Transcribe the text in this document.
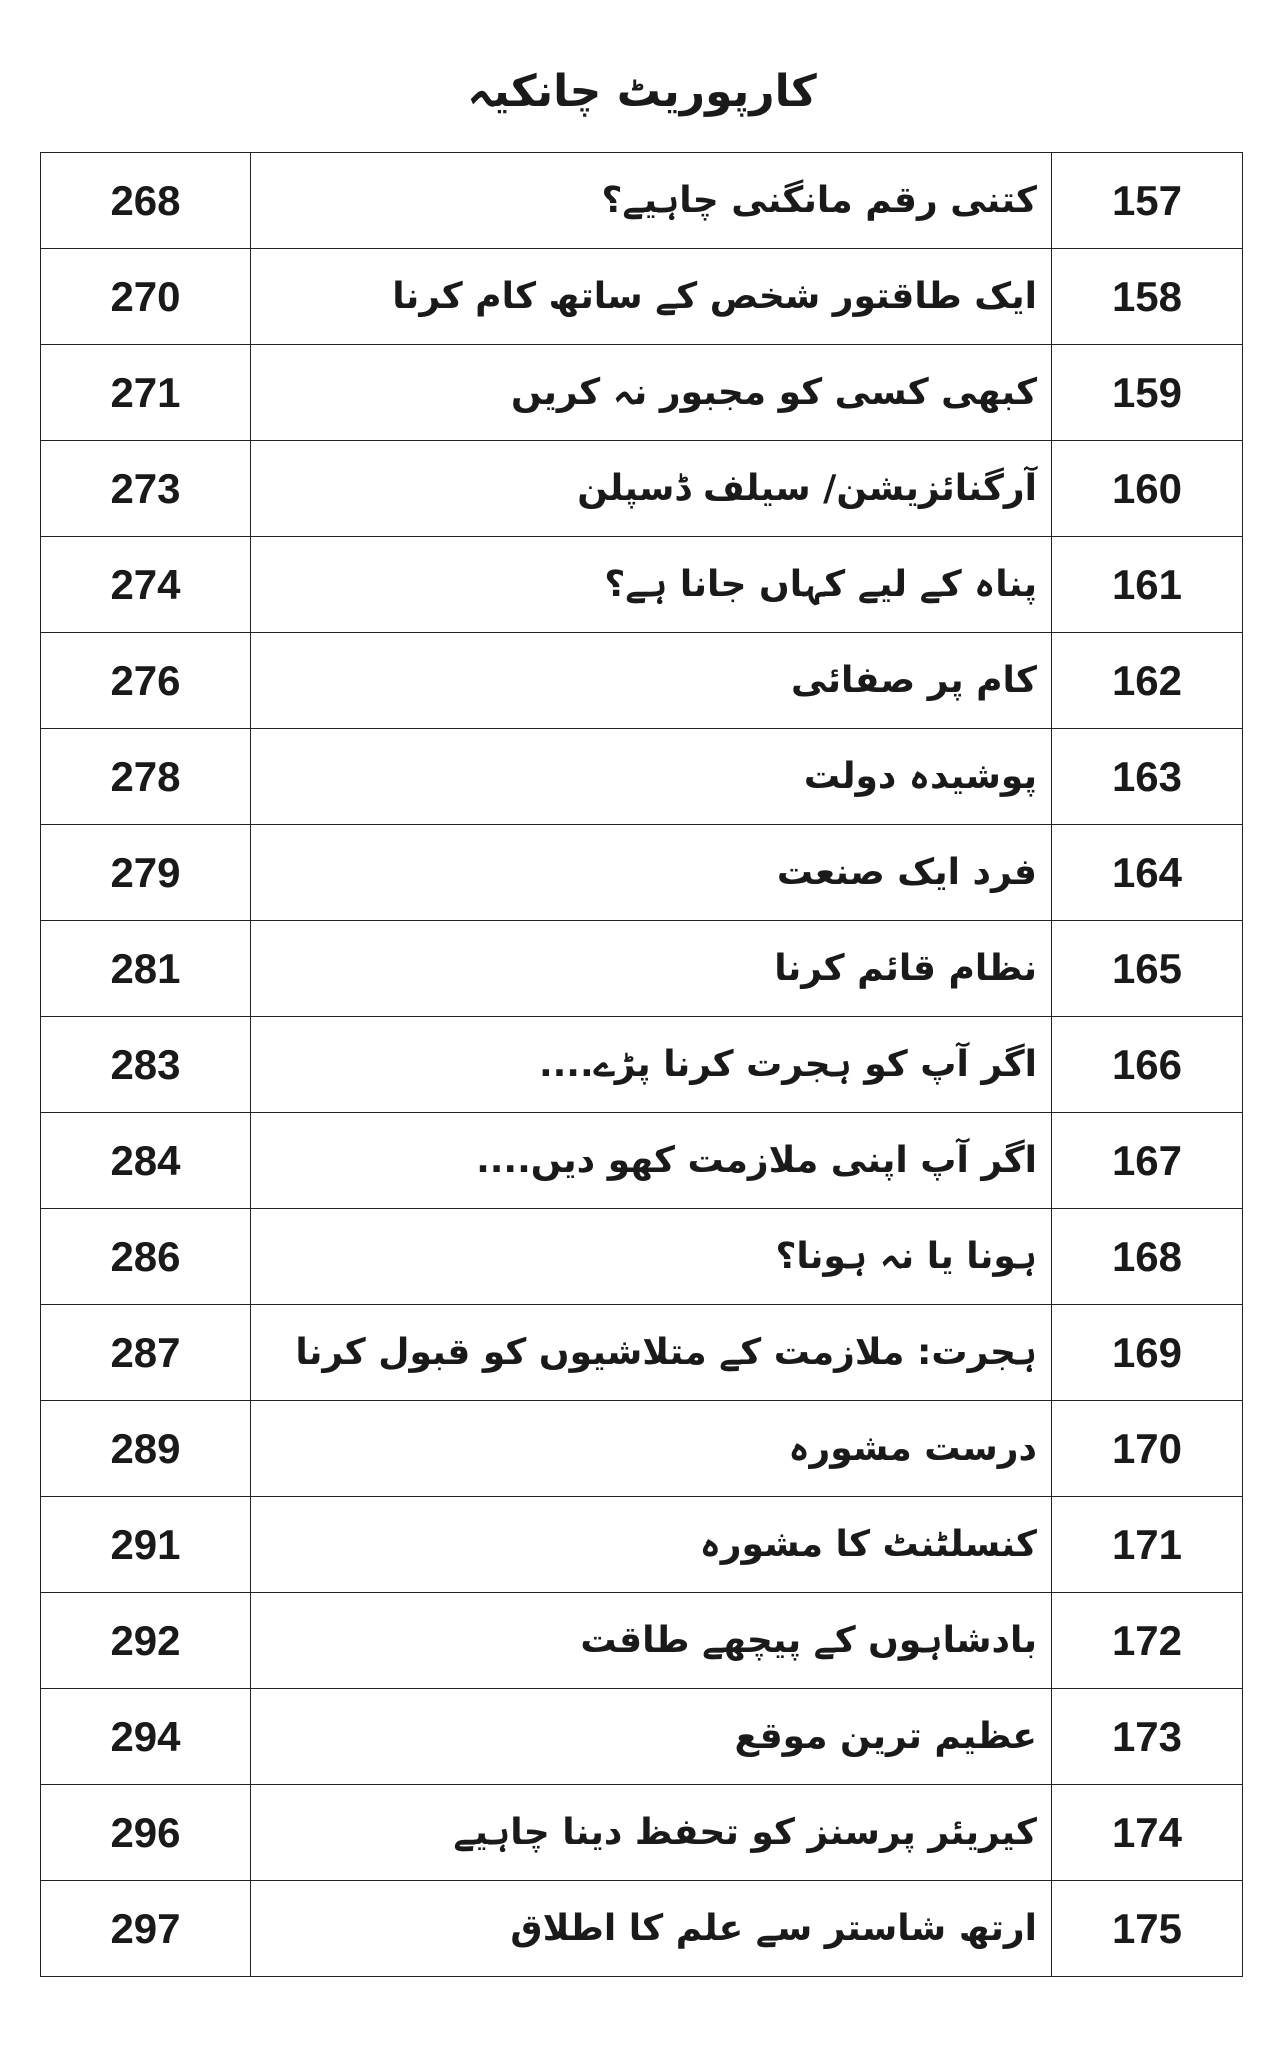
کارپوریٹ چانکیہ
268	کتنی رقم مانگنی چاہیے؟	157
270	ایک طاقتور شخص کے ساتھ کام کرنا	158
271	کبھی کسی کو مجبور نہ کریں	159
273	آرگنائزیشن/ سیلف ڈسپلن	160
274	پناہ کے لیے کہاں جانا ہے؟	161
276	کام پر صفائی	162
278	پوشیدہ دولت	163
279	فرد ایک صنعت	164
281	نظام قائم کرنا	165
283	اگر آپ کو ہجرت کرنا پڑے....	166
284	اگر آپ اپنی ملازمت کھو دیں....	167
286	ہونا یا نہ ہونا؟	168
287	ہجرت: ملازمت کے متلاشیوں کو قبول کرنا	169
289	درست مشورہ	170
291	کنسلٹنٹ کا مشورہ	171
292	بادشاہوں کے پیچھے طاقت	172
294	عظیم ترین موقع	173
296	کیریئر پرسنز کو تحفظ دینا چاہیے	174
297	ارتھ شاستر سے علم کا اطلاق	175
